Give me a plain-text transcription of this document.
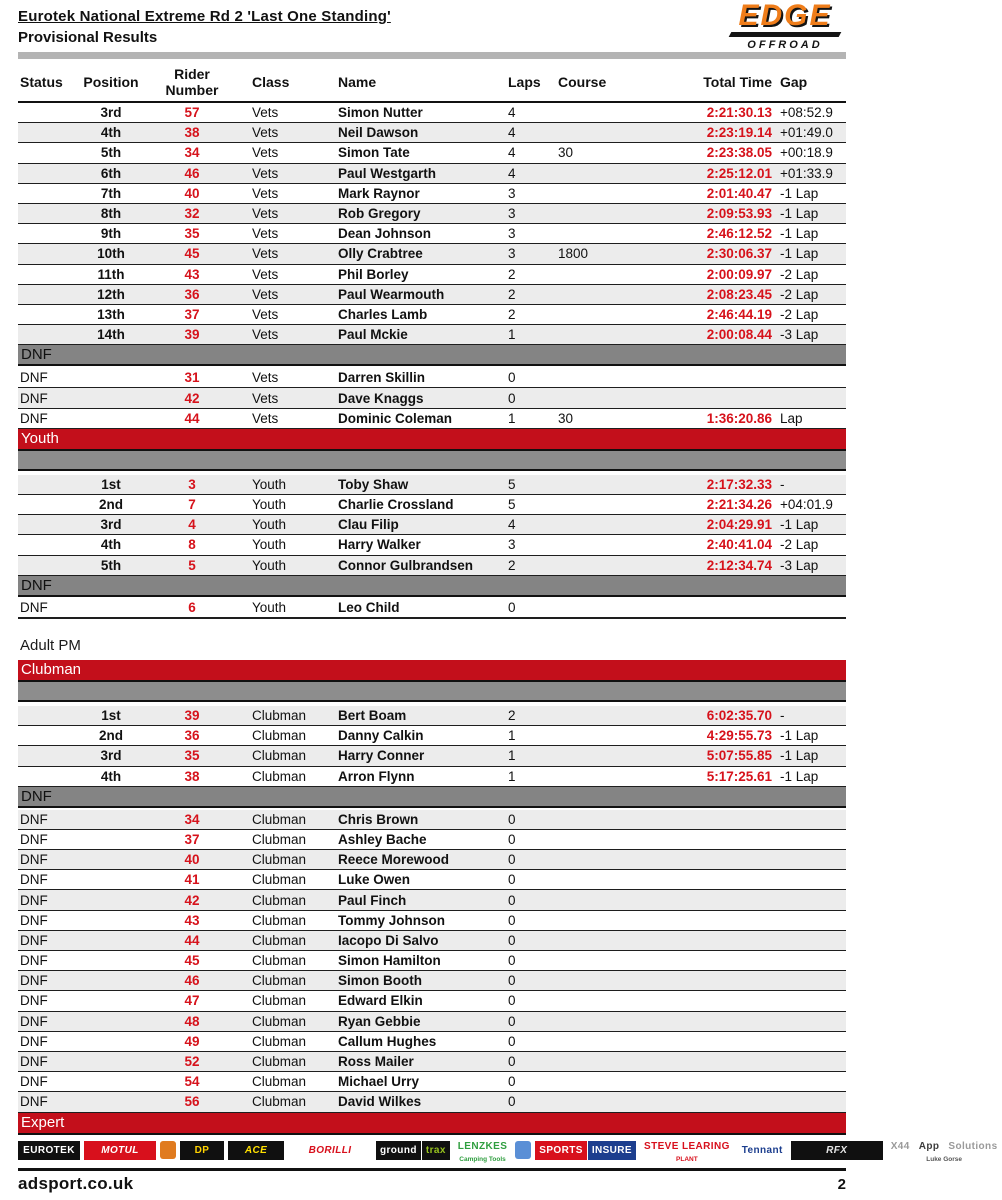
Eurotek National Extreme Rd 2 'Last One Standing'
Provisional Results
EDGE
OFFROAD
Status	Position	Rider Number	Class	Name	Laps	Course	Total Time Gap
3rd	57	Vets	Simon Nutter	4	2:21:30.13 +08:52.9
4th	38	Vets	Neil Dawson	4	2:23:19.14 +01:49.0
5th	34	Vets	Simon Tate	4	30	2:23:38.05 +00:18.9
6th	46	Vets	Paul Westgarth	4	2:25:12.01 +01:33.9
7th	40	Vets	Mark Raynor	3	2:01:40.47 -1 Lap
8th	32	Vets	Rob Gregory	3	2:09:53.93 -1 Lap
9th	35	Vets	Dean Johnson	3	2:46:12.52 -1 Lap
10th	45	Vets	Olly Crabtree	3	1800	2:30:06.37 -1 Lap
11th	43	Vets	Phil Borley	2	2:00:09.97 -2 Lap
12th	36	Vets	Paul Wearmouth	2	2:08:23.45 -2 Lap
13th	37	Vets	Charles Lamb	2	2:46:44.19 -2 Lap
14th	39	Vets	Paul Mckie	1	2:00:08.44 -3 Lap
DNF
DNF	31	Vets	Darren Skillin	0
DNF	42	Vets	Dave Knaggs	0
DNF	44	Vets	Dominic Coleman	1	30	1:36:20.86 Lap
Youth
1st	3	Youth	Toby Shaw	5	2:17:32.33 -
2nd	7	Youth	Charlie Crossland	5	2:21:34.26 +04:01.9
3rd	4	Youth	Clau Filip	4	2:04:29.91 -1 Lap
4th	8	Youth	Harry Walker	3	2:40:41.04 -2 Lap
5th	5	Youth	Connor Gulbrandsen	2	2:12:34.74 -3 Lap
DNF
DNF	6	Youth	Leo Child	0
Adult PM
Clubman
1st	39	Clubman	Bert Boam	2	6:02:35.70 -
2nd	36	Clubman	Danny Calkin	1	4:29:55.73 -1 Lap
3rd	35	Clubman	Harry Conner	1	5:07:55.85 -1 Lap
4th	38	Clubman	Arron Flynn	1	5:17:25.61 -1 Lap
DNF
DNF	34	Clubman	Chris Brown	0
DNF	37	Clubman	Ashley Bache	0
DNF	40	Clubman	Reece Morewood	0
DNF	41	Clubman	Luke Owen	0
DNF	42	Clubman	Paul Finch	0
DNF	43	Clubman	Tommy Johnson	0
DNF	44	Clubman	Iacopo Di Salvo	0
DNF	45	Clubman	Simon Hamilton	0
DNF	46	Clubman	Simon Booth	0
DNF	47	Clubman	Edward Elkin	0
DNF	48	Clubman	Ryan Gebbie	0
DNF	49	Clubman	Callum Hughes	0
DNF	52	Clubman	Ross Mailer	0
DNF	54	Clubman	Michael Urry	0
DNF	56	Clubman	David Wilkes	0
Expert
EUROTEK	MOTUL	DP	ACE	BORILLI	ground trax	LENZKES
Camping Tools
SPORTS INSURE	STEVE LEARING
PLANT
Tennant	RFX	X44 App Solutions
Luke Gorse
adsport.co.uk	2
